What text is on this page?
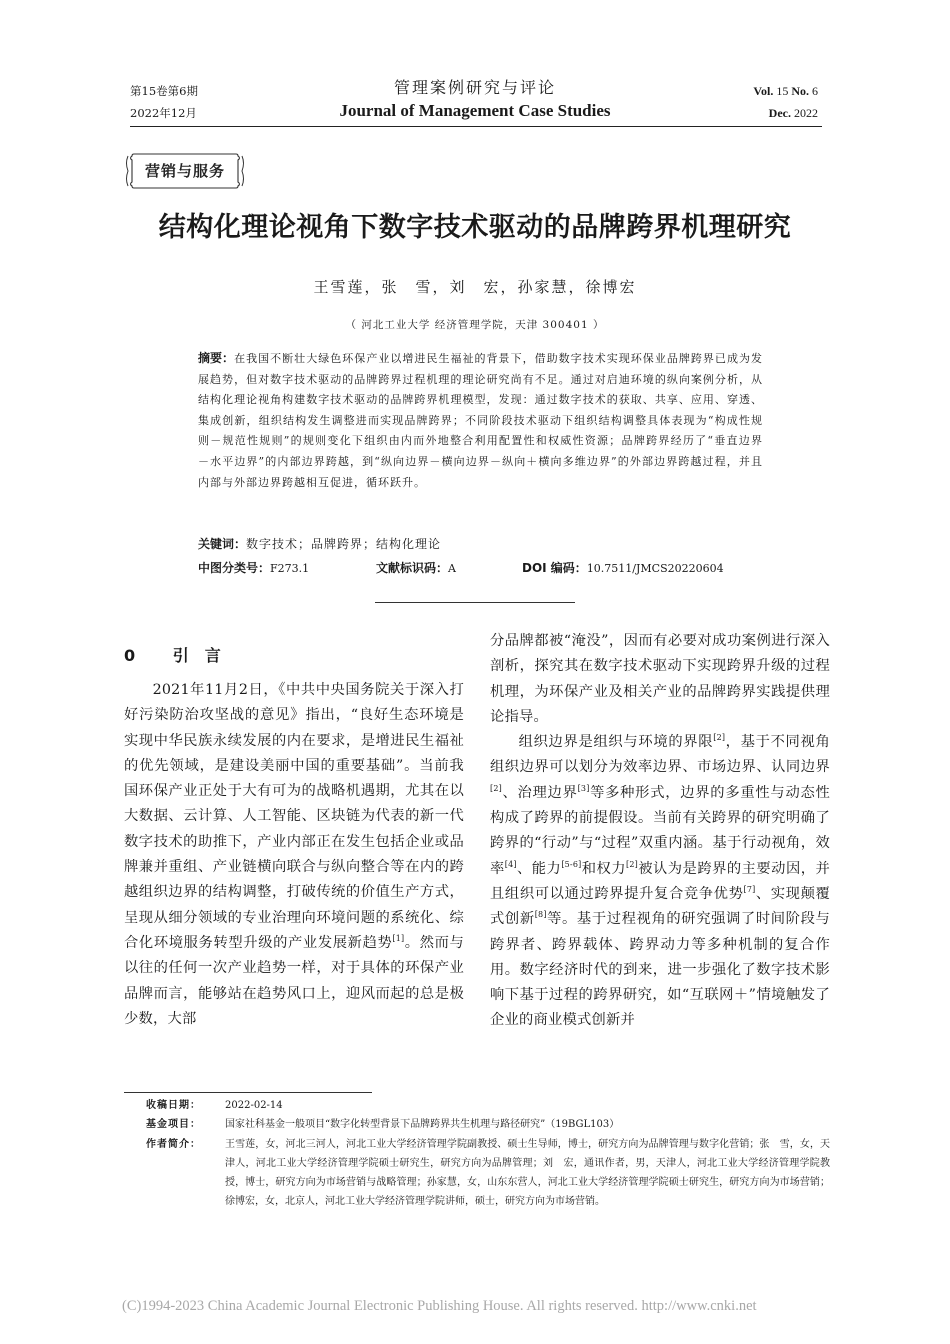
第15卷第6期
2022年12月
管理案例研究与评论
Journal of Management Case Studies
Vol. 15 No. 6
Dec. 2022
营销与服务
结构化理论视角下数字技术驱动的品牌跨界机理研究
王雪莲，张　雪，刘　宏，孙家慧，徐博宏
（ 河北工业大学 经济管理学院，天津 300401 ）
摘要：在我国不断壮大绿色环保产业以增进民生福祉的背景下，借助数字技术实现环保业品牌跨界已成为发展趋势，但对数字技术驱动的品牌跨界过程机理的理论研究尚有不足。通过对启迪环境的纵向案例分析，从结构化理论视角构建数字技术驱动的品牌跨界机理模型，发现：通过数字技术的获取、共享、应用、穿透、集成创新，组织结构发生调整进而实现品牌跨界；不同阶段技术驱动下组织结构调整具体表现为“构成性规则－规范性规则”的规则变化下组织由内而外地整合利用配置性和权威性资源；品牌跨界经历了“垂直边界－水平边界”的内部边界跨越，到“纵向边界－横向边界－纵向＋横向多维边界”的外部边界跨越过程，并且内部与外部边界跨越相互促进，循环跃升。
关键词：数字技术；品牌跨界；结构化理论
中图分类号：F273.1	文献标识码：A	DOI 编码：10.7511/JMCS20220604
0 引言

2021年11月2日，《中共中央国务院关于深入打好污染防治攻坚战的意见》指出，“良好生态环境是实现中华民族永续发展的内在要求，是增进民生福祉的优先领域，是建设美丽中国的重要基础”。当前我国环保产业正处于大有可为的战略机遇期，尤其在以大数据、云计算、人工智能、区块链为代表的新一代数字技术的助推下，产业内部正在发生包括企业或品牌兼并重组、产业链横向联合与纵向整合等在内的跨越组织边界的结构调整，打破传统的价值生产方式，呈现从细分领域的专业治理向环境问题的系统化、综合化环境服务转型升级的产业发展新趋势[1]。然而与以往的任何一次产业趋势一样，对于具体的环保产业品牌而言，能够站在趋势风口上，迎风而起的总是极少数，大部

分品牌都被“淹没”，因而有必要对成功案例进行深入剖析，探究其在数字技术驱动下实现跨界升级的过程机理，为环保产业及相关产业的品牌跨界实践提供理论指导。

组织边界是组织与环境的界限[2]，基于不同视角组织边界可以划分为效率边界、市场边界、认同边界[2]、治理边界[3]等多种形式，边界的多重性与动态性构成了跨界的前提假设。当前有关跨界的研究明确了跨界的“行动”与“过程”双重内涵。基于行动视角，效率[4]、能力[5-6]和权力[2]被认为是跨界的主要动因，并且组织可以通过跨界提升复合竞争优势[7]、实现颠覆式创新[8]等。基于过程视角的研究强调了时间阶段与跨界者、跨界载体、跨界动力等多种机制的复合作用。数字经济时代的到来，进一步强化了数字技术影响下基于过程的跨界研究，如“互联网＋”情境触发了企业的商业模式创新并

收稿日期：	2022-02-14
基金项目：	国家社科基金一般项目“数字化转型背景下品牌跨界共生机理与路径研究”（19BGL103）
作者简介：	王雪莲，女，河北三河人，河北工业大学经济管理学院副教授、硕士生导师，博士，研究方向为品牌管理与数字化营销；张　雪，女，天津人，河北工业大学经济管理学院硕士研究生，研究方向为品牌管理；刘　宏，通讯作者，男，天津人，河北工业大学经济管理学院教授，博士，研究方向为市场营销与战略管理；孙家慧，女，山东东营人，河北工业大学经济管理学院硕士研究生，研究方向为市场营销；徐博宏，女，北京人，河北工业大学经济管理学院讲师，硕士，研究方向为市场营销。
(C)1994-2023 China Academic Journal Electronic Publishing House. All rights reserved. http://www.cnki.net
